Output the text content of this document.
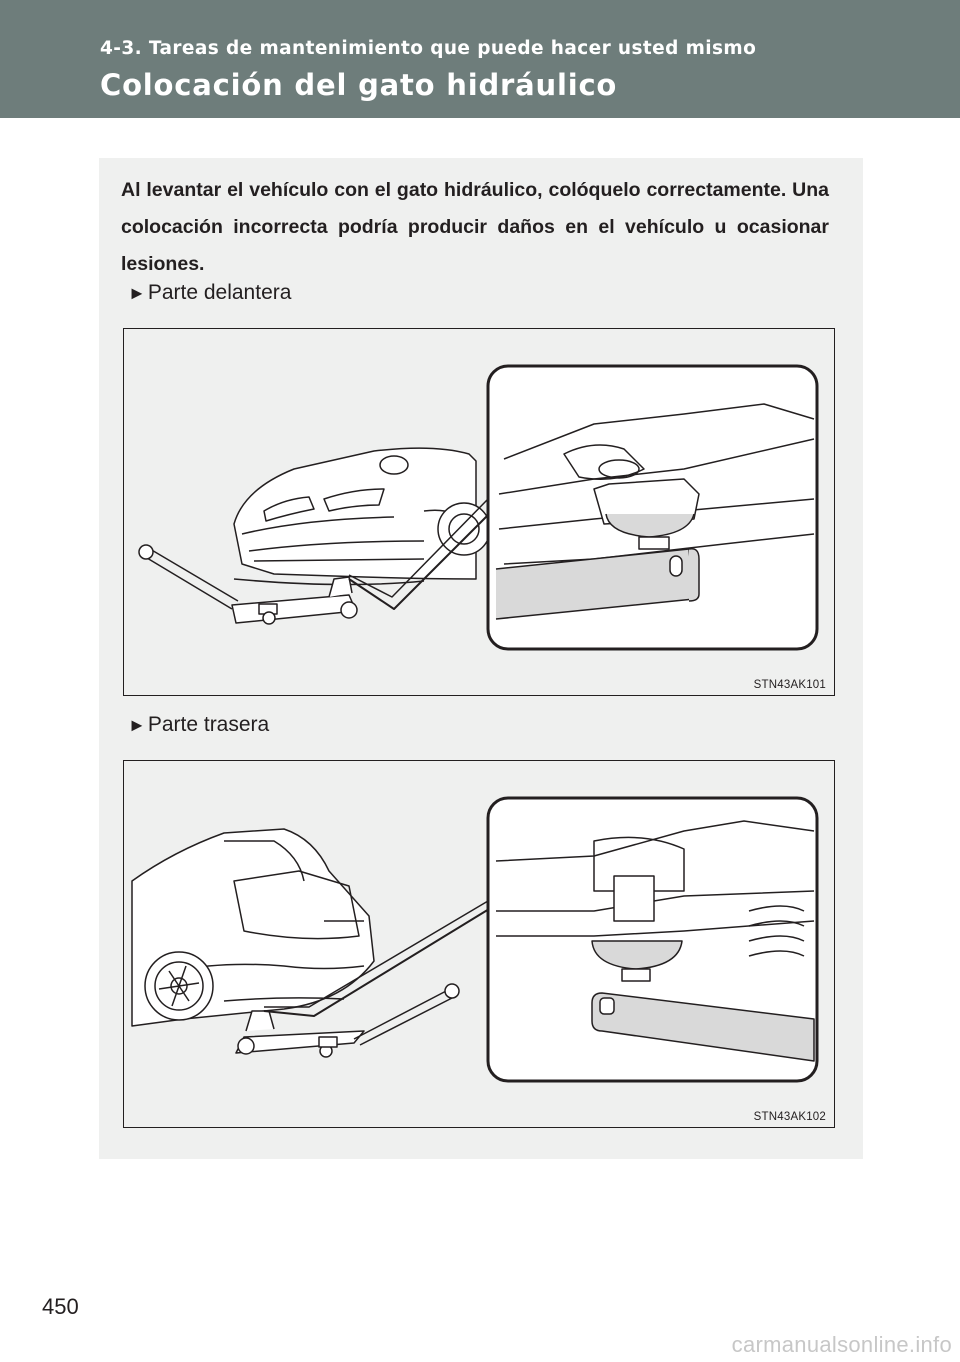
4-3. Tareas de mantenimiento que puede hacer usted mismo
Colocación del gato hidráulico

Al levantar el vehículo con el gato hidráulico, colóquelo correctamente. Una colocación incorrecta podría producir daños en el vehículo u ocasionar lesiones.

►Parte delantera
STN43AK101
►Parte trasera
STN43AK102
450
carmanualsonline.info
